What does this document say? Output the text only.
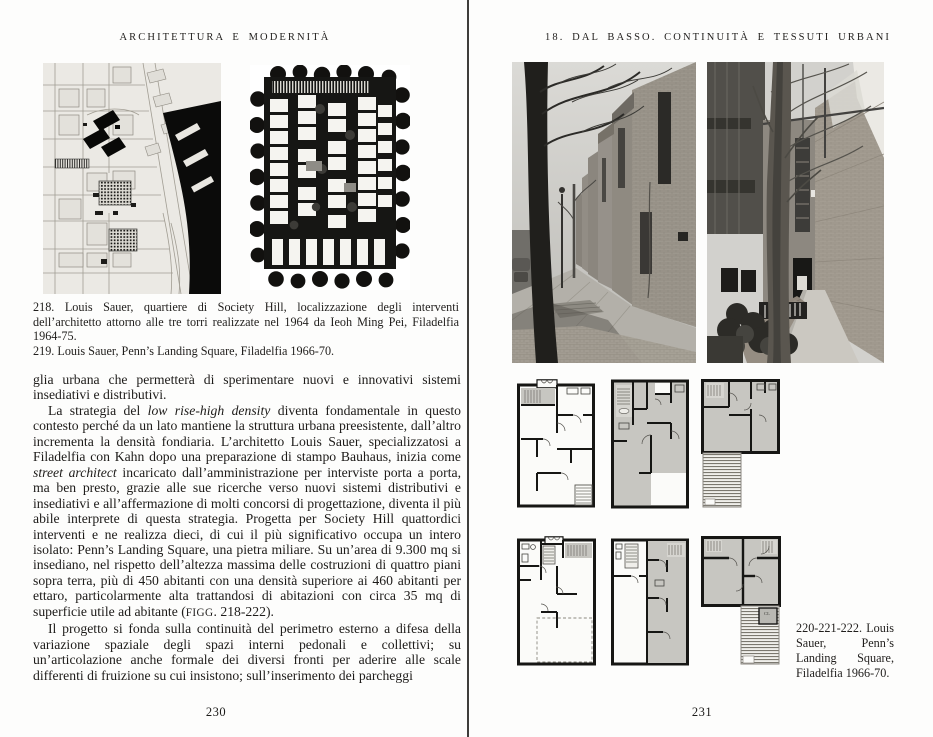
ARCHITETTURA E MODERNITÀ

218. Louis Sauer, quartiere di Society Hill, localizzazione degli interventi dell’architetto attorno alle tre torri realizzate nel 1964 da Ieoh Ming Pei, Filadelfia 1964-75.

219. Louis Sauer, Penn’s Landing Square, Filadelfia 1966-70.

glia urbana che permetterà di sperimentare nuovi e innovativi sistemi insediativi e distributivi.

La strategia del low rise-high density diventa fondamentale in questo contesto perché da un lato mantiene la struttura urbana preesistente, dall’altro incrementa la densità fondiaria. L’architetto Louis Sauer, specializzatosi a Filadelfia con Kahn dopo una preparazione di stampo Bauhaus, inizia come street architect incaricato dall’amministrazione per interviste porta a porta, ma ben presto, grazie alle sue ricerche verso nuovi sistemi distributivi e insediativi e all’affermazione di molti concorsi di progettazione, diventa il più abile interprete di questa strategia. Progetta per Society Hill quattordici interventi e ne realizza dieci, di cui il più significativo occupa un intero isolato: Penn’s Landing Square, una pietra miliare. Su un’area di 9.300 mq si insediano, nel rispetto dell’altezza massima delle costruzioni di quattro piani sopra terra, più di 450 abitanti con una densità superiore ai 460 abitanti per ettaro, particolarmente alta trattandosi di abitazioni con circa 35 mq di superficie utile ad abitante (FIGG. 218-222).

Il progetto si fonda sulla continuità del perimetro esterno a difesa della variazione spaziale degli spazi interni pedonali e collettivi; su un’articolazione anche formale dei diversi fronti per aderire alle scale differenti di fruizione su cui insistono; sull’inserimento dei parcheggi

230
18. DAL BASSO. CONTINUITÀ E TESSUTI URBANI
CL

220-221-222. Louis Sauer, Penn’s Landing Square, Filadelfia 1966-70.

231
